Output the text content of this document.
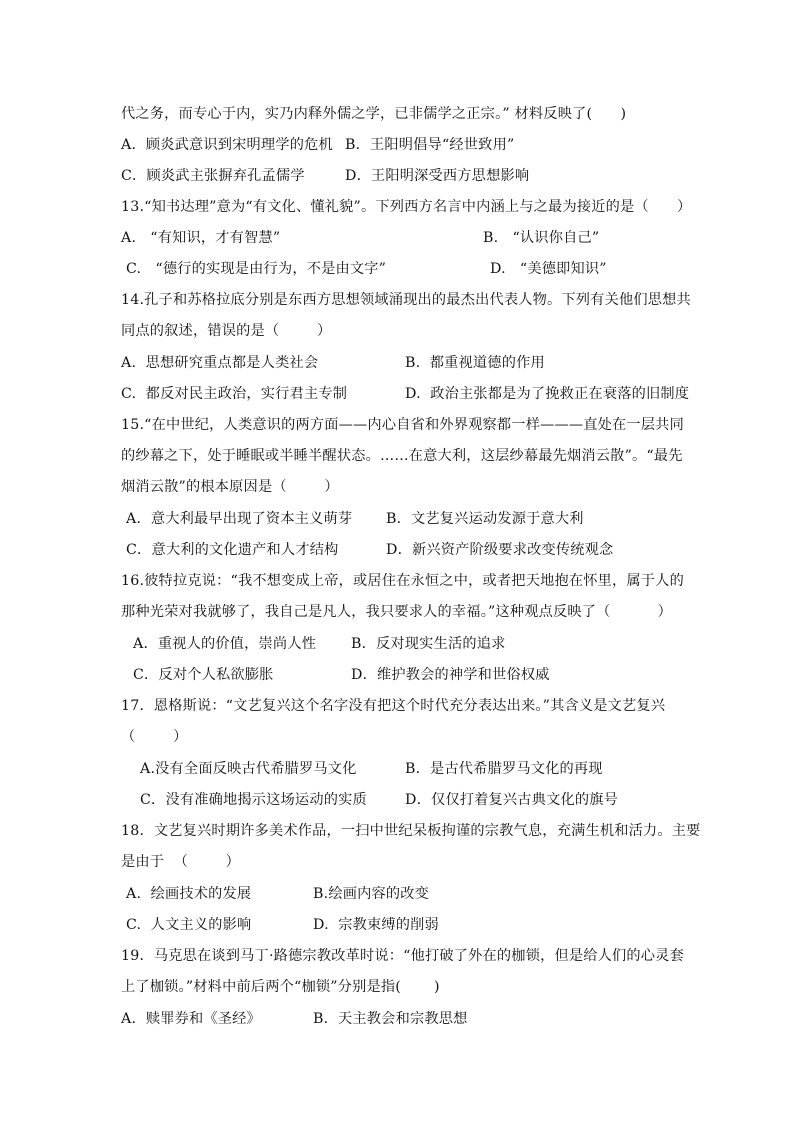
代之务，而专心于内，实乃内释外儒之学，已非儒学之正宗。” 材料反映了(      )
A．顾炎武意识到宋明理学的危机 B．王阳明倡导“经世致用”
C．顾炎武主张摒弃孔孟儒学	D．王阳明深受西方思想影响
13.“知书达理”意为“有文化、懂礼貌”。下列西方名言中内涵上与之最为接近的是（      ）
A.   “有知识，才有智慧”	B.   “认识你自己”
C.   “德行的实现是由行为，不是由文字”	D.   “美德即知识”
14.孔子和苏格拉底分别是东西方思想领域涌现出的最杰出代表人物。下列有关他们思想共
同点的叙述，错误的是（        ）
A.  思想研究重点都是人类社会	B.  都重视道德的作用
C.  都反对民主政治，实行君主专制	D.  政治主张都是为了挽救正在衰落的旧制度
15.“在中世纪，人类意识的两方面——内心自省和外界观察都一样———直处在一层共同
的纱幕之下，处于睡眠或半睡半醒状态。……在意大利，这层纱幕最先烟消云散”。“最先
烟消云散”的根本原因是（        ）
A．意大利最早出现了资本主义萌芽 B．文艺复兴运动发源于意大利
C．意大利的文化遗产和人才结构	D．新兴资产阶级要求改变传统观念
16.彼特拉克说：“我不想变成上帝，或居住在永恒之中，或者把天地抱在怀里，属于人的
那种光荣对我就够了，我自己是凡人，我只要求人的幸福。”这种观点反映了（          ）
A．重视人的价值，崇尚人性 B．反对现实生活的追求
C．反对个人私欲膨胀	D．维护教会的神学和世俗权威
17．恩格斯说：“文艺复兴这个名字没有把这个时代充分表达出来。”其含义是文艺复兴
（        ）
A.没有全面反映古代希腊罗马文化	B．是古代希腊罗马文化的再现
C．没有准确地揭示这场运动的实质	D．仅仅打着复兴古典文化的旗号
18．文艺复兴时期许多美术作品，一扫中世纪呆板拘谨的宗教气息，充满生机和活力。主要
是由于  （        ）
A.  绘画技术的发展	B.绘画内容的改变
C.  人文主义的影响	D.  宗教束缚的削弱
19．马克思在谈到马丁·路德宗教改革时说：“他打破了外在的枷锁，但是给人们的心灵套
上了枷锁。”材料中前后两个“枷锁”分别是指(       )
A．赎罪券和《圣经》	B．天主教会和宗教思想
